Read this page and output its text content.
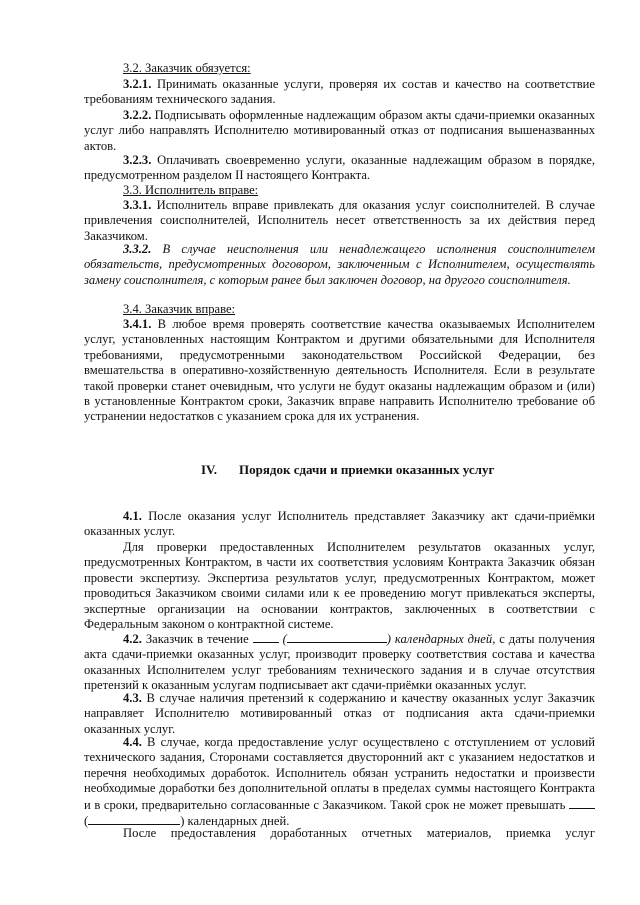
3.2. Заказчик обязуется:

3.2.1. Принимать оказанные услуги, проверяя их состав и качество на соответствие требованиям технического задания.

3.2.2. Подписывать оформленные надлежащим образом акты сдачи-приемки оказанных услуг либо направлять Исполнителю мотивированный отказ от подписания вышеназванных актов.

3.2.3. Оплачивать своевременно услуги, оказанные надлежащим образом в порядке, предусмотренном разделом II настоящего Контракта.

3.3. Исполнитель вправе:

3.3.1. Исполнитель вправе привлекать для оказания услуг соисполнителей. В случае привлечения соисполнителей, Исполнитель несет ответственность за их действия перед Заказчиком.

3.3.2. В случае неисполнения или ненадлежащего исполнения соисполнителем обязательств, предусмотренных договором, заключенным с Исполнителем, осуществлять замену соисполнителя, с которым ранее был заключен договор, на другого соисполнителя.

3.4. Заказчик вправе:

3.4.1. В любое время проверять соответствие качества оказываемых Исполнителем услуг, установленных настоящим Контрактом и другими обязательными для Исполнителя требованиями, предусмотренными законодательством Российской Федерации, без вмешательства в оперативно-хозяйственную деятельность Исполнителя. Если в результате такой проверки станет очевидным, что услуги не будут оказаны надлежащим образом и (или) в установленные Контрактом сроки, Заказчик вправе направить Исполнителю требование об устранении недостатков с указанием срока для их устранения.

IV. Порядок сдачи и приемки оказанных услуг

4.1. После оказания услуг Исполнитель представляет Заказчику акт сдачи-приёмки оказанных услуг.

Для проверки предоставленных Исполнителем результатов оказанных услуг, предусмотренных Контрактом, в части их соответствия условиям Контракта Заказчик обязан провести экспертизу. Экспертиза результатов услуг, предусмотренных Контрактом, может проводиться Заказчиком своими силами или к ее проведению могут привлекаться эксперты, экспертные организации на основании контрактов, заключенных в соответствии с Федеральным законом о контрактной системе.

4.2. Заказчик в течение  (	) календарных дней, с даты получения акта сдачи-приемки оказанных услуг, производит проверку соответствия состава и качества оказанных Исполнителем услуг требованиям технического задания и в случае отсутствия претензий к оказанным услугам подписывает акт сдачи-приёмки оказанных услуг.

4.3. В случае наличия претензий к содержанию и качеству оказанных услуг Заказчик направляет Исполнителю мотивированный отказ от подписания акта сдачи-приемки оказанных услуг.

4.4. В случае, когда предоставление услуг осуществлено с отступлением от условий технического задания, Сторонами составляется двусторонний акт с указанием недостатков и перечня необходимых доработок. Исполнитель обязан устранить недостатки и произвести необходимые доработки без дополнительной оплаты в пределах суммы настоящего Контракта и в сроки, предварительно согласованные с Заказчиком. Такой срок не может превышать  (	) календарных дней.

После предоставления доработанных отчетных материалов, приемка услуг
